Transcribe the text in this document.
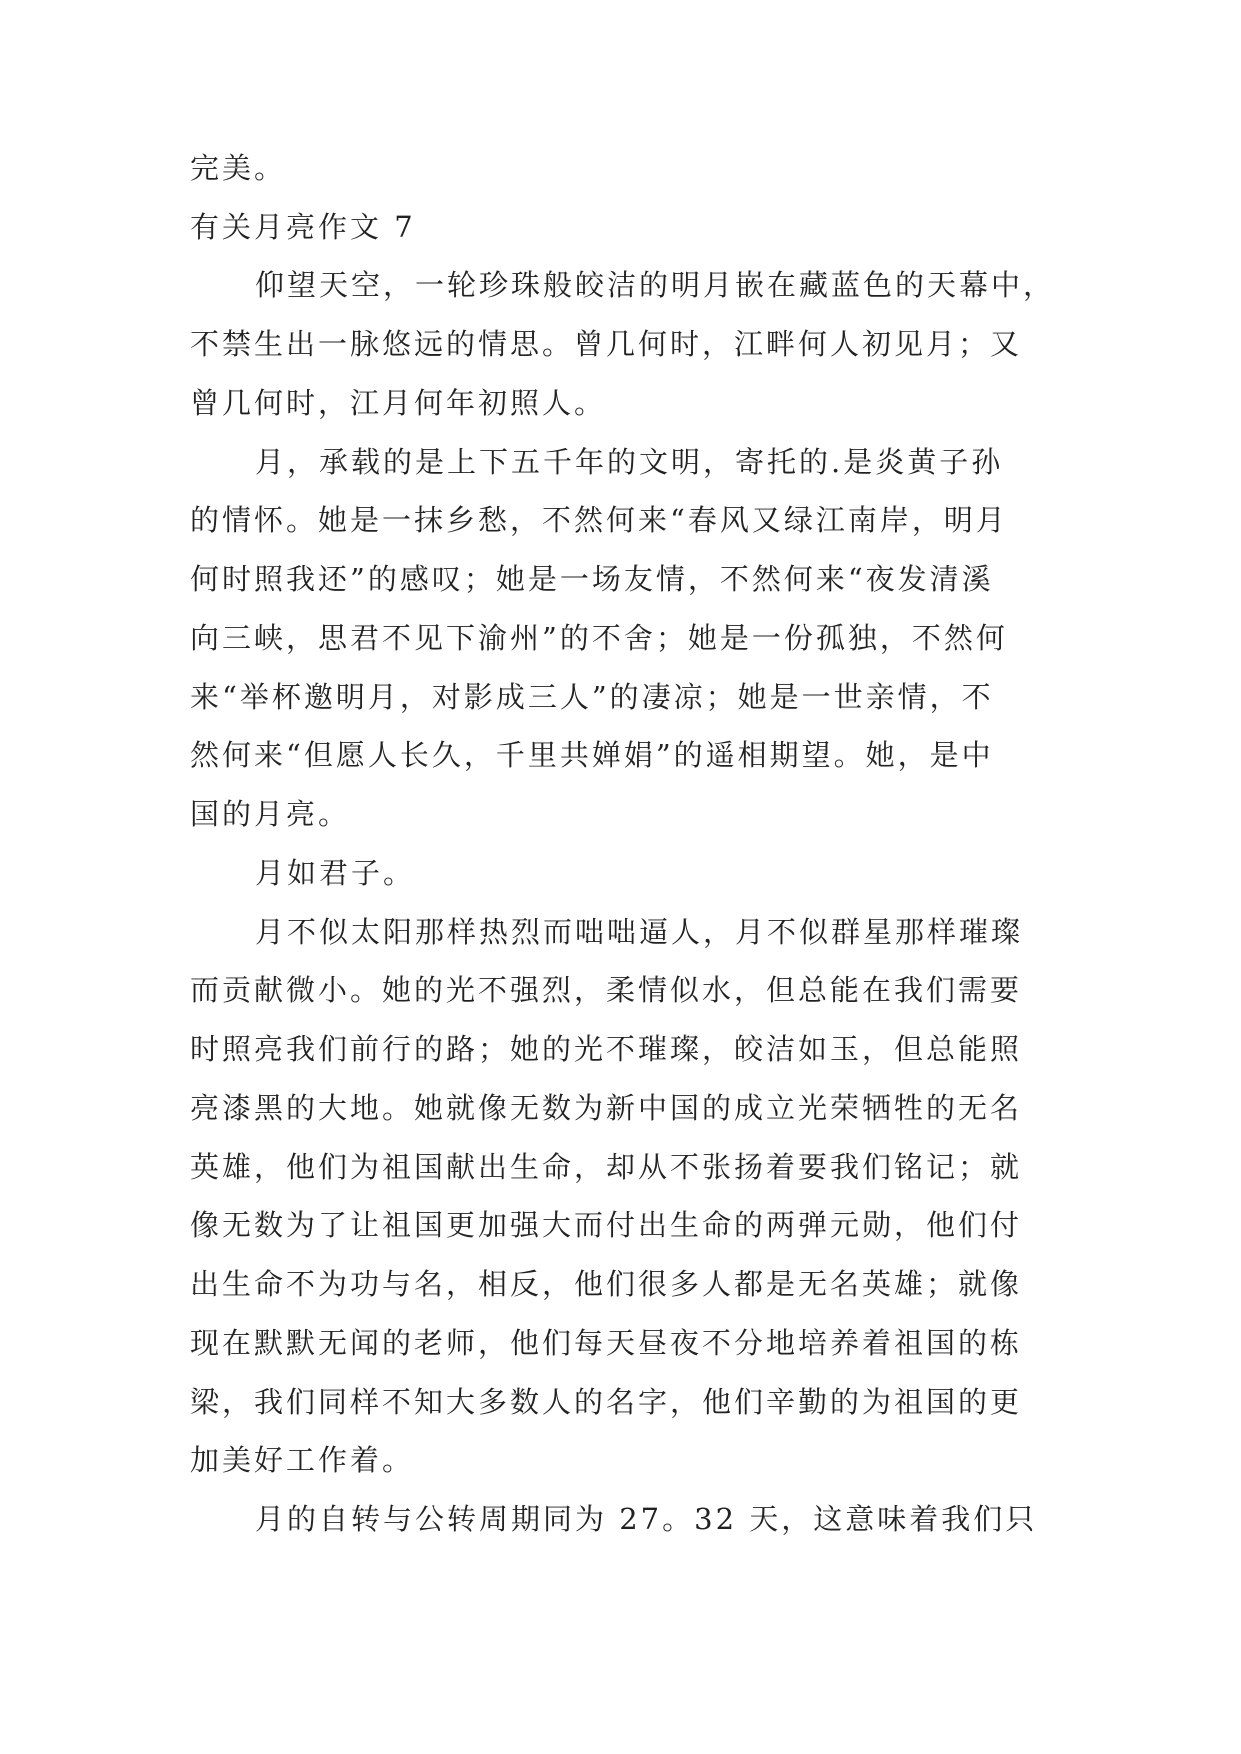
完美。
有关月亮作文 7
仰望天空，一轮珍珠般皎洁的明月嵌在藏蓝色的天幕中，
不禁生出一脉悠远的情思。曾几何时，江畔何人初见月；又
曾几何时，江月何年初照人。
月，承载的是上下五千年的文明，寄托的.是炎黄子孙
的情怀。她是一抹乡愁，不然何来“春风又绿江南岸，明月
何时照我还”的感叹；她是一场友情，不然何来“夜发清溪
向三峡，思君不见下渝州”的不舍；她是一份孤独，不然何
来“举杯邀明月，对影成三人”的凄凉；她是一世亲情，不
然何来“但愿人长久，千里共婵娟”的遥相期望。她，是中
国的月亮。
月如君子。
月不似太阳那样热烈而咄咄逼人，月不似群星那样璀璨
而贡献微小。她的光不强烈，柔情似水，但总能在我们需要
时照亮我们前行的路；她的光不璀璨，皎洁如玉，但总能照
亮漆黑的大地。她就像无数为新中国的成立光荣牺牲的无名
英雄，他们为祖国献出生命，却从不张扬着要我们铭记；就
像无数为了让祖国更加强大而付出生命的两弹元勋，他们付
出生命不为功与名，相反，他们很多人都是无名英雄；就像
现在默默无闻的老师，他们每天昼夜不分地培养着祖国的栋
梁，我们同样不知大多数人的名字，他们辛勤的为祖国的更
加美好工作着。
月的自转与公转周期同为 27。32 天，这意味着我们只
